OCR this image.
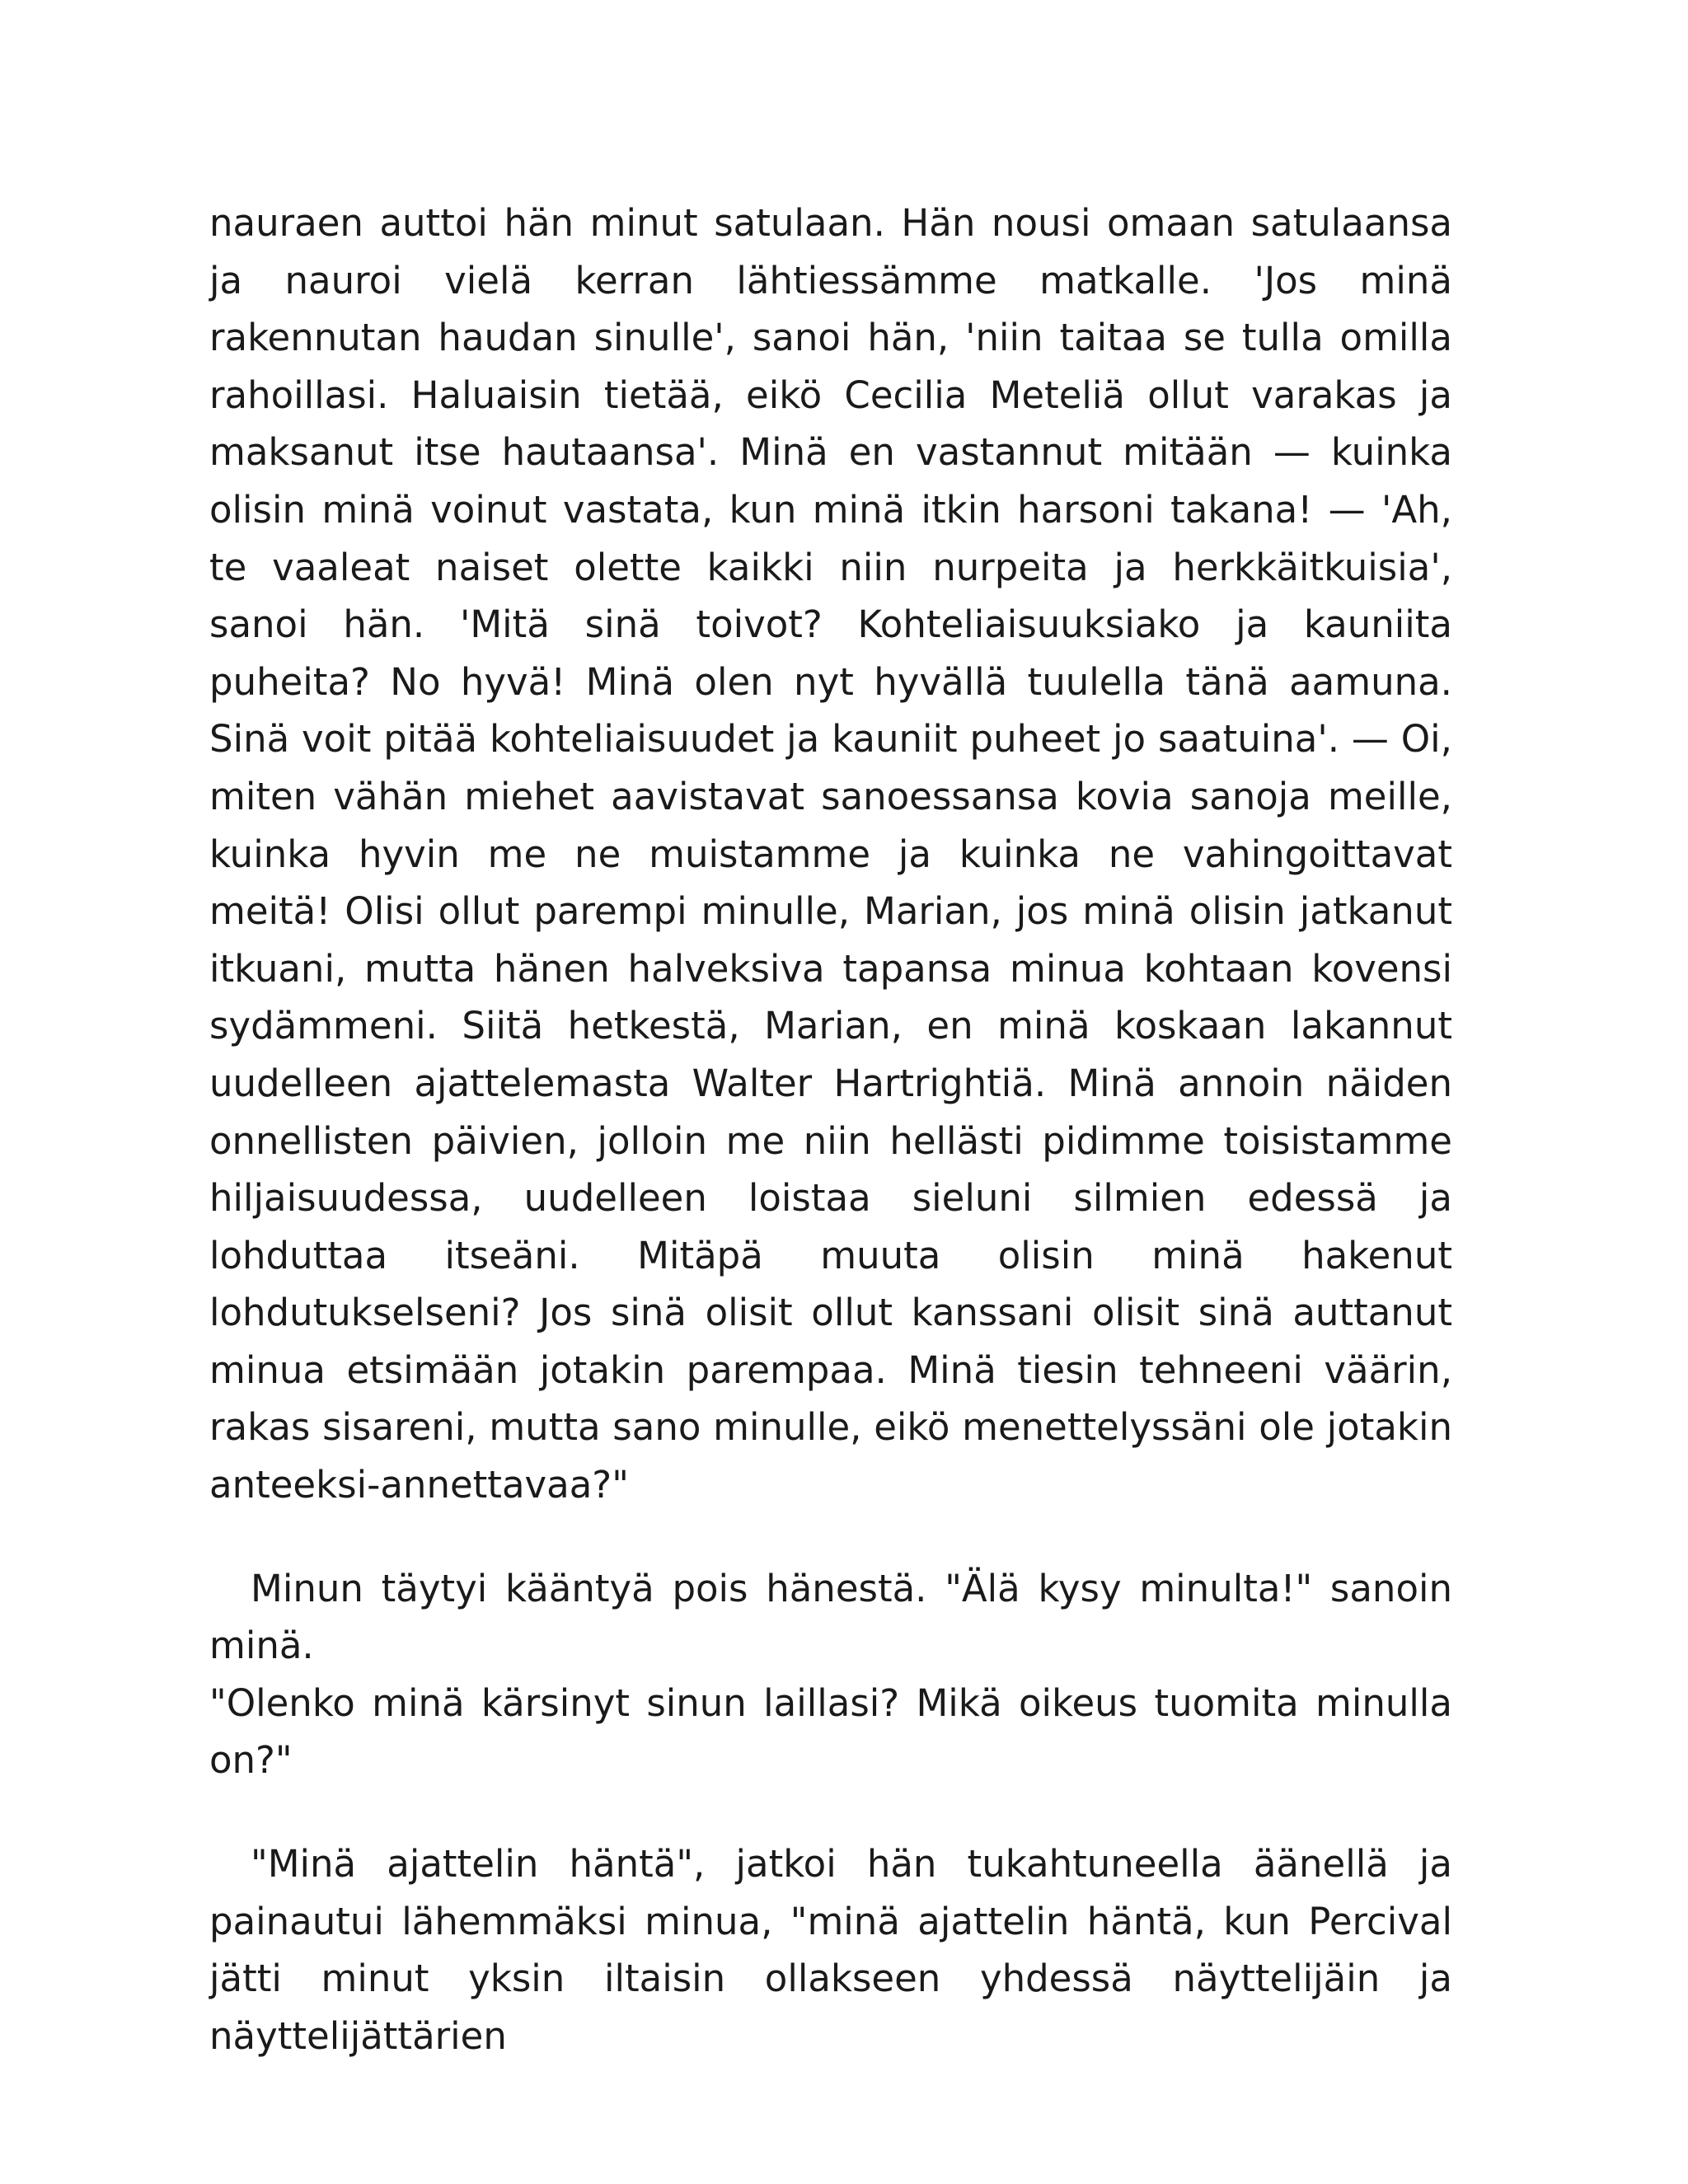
nauraen auttoi hän minut satulaan. Hän nousi omaan satulaansa ja nauroi vielä kerran lähtiessämme matkalle. 'Jos minä rakennutan haudan sinulle', sanoi hän, 'niin taitaa se tulla omilla rahoillasi. Haluaisin tietää, eikö Cecilia Meteliä ollut varakas ja maksanut itse hautaansa'. Minä en vastannut mitään — kuinka olisin minä voinut vastata, kun minä itkin harsoni takana! — 'Ah, te vaaleat naiset olette kaikki niin nurpeita ja herkkäitkuisia', sanoi hän. 'Mitä sinä toivot? Kohteliaisuuksiako ja kauniita puheita? No hyvä! Minä olen nyt hyvällä tuulella tänä aamuna. Sinä voit pitää kohteliaisuudet ja kauniit puheet jo saatuina'. — Oi, miten vähän miehet aavistavat sanoessansa kovia sanoja meille, kuinka hyvin me ne muistamme ja kuinka ne vahingoittavat meitä! Olisi ollut parempi minulle, Marian, jos minä olisin jatkanut itkuani, mutta hänen halveksiva tapansa minua kohtaan kovensi sydämmeni. Siitä hetkestä, Marian, en minä koskaan lakannut uudelleen ajattelemasta Walter Hartrightiä. Minä annoin näiden onnellisten päivien, jolloin me niin hellästi pidimme toisistamme hiljaisuudessa, uudelleen loistaa sieluni silmien edessä ja lohduttaa itseäni. Mitäpä muuta olisin minä hakenut lohdutukselseni? Jos sinä olisit ollut kanssani olisit sinä auttanut minua etsimään jotakin parempaa. Minä tiesin tehneeni väärin, rakas sisareni, mutta sano minulle, eikö menettelyssäni ole jotakin anteeksi-annettavaa?"

Minun täytyi kääntyä pois hänestä. "Älä kysy minulta!" sanoin minä.

"Olenko minä kärsinyt sinun laillasi? Mikä oikeus tuomita minulla on?"

"Minä ajattelin häntä", jatkoi hän tukahtuneella äänellä ja painautui lähemmäksi minua, "minä ajattelin häntä, kun Percival jätti minut yksin iltaisin ollakseen yhdessä näyttelijäin ja näyttelijättärien
